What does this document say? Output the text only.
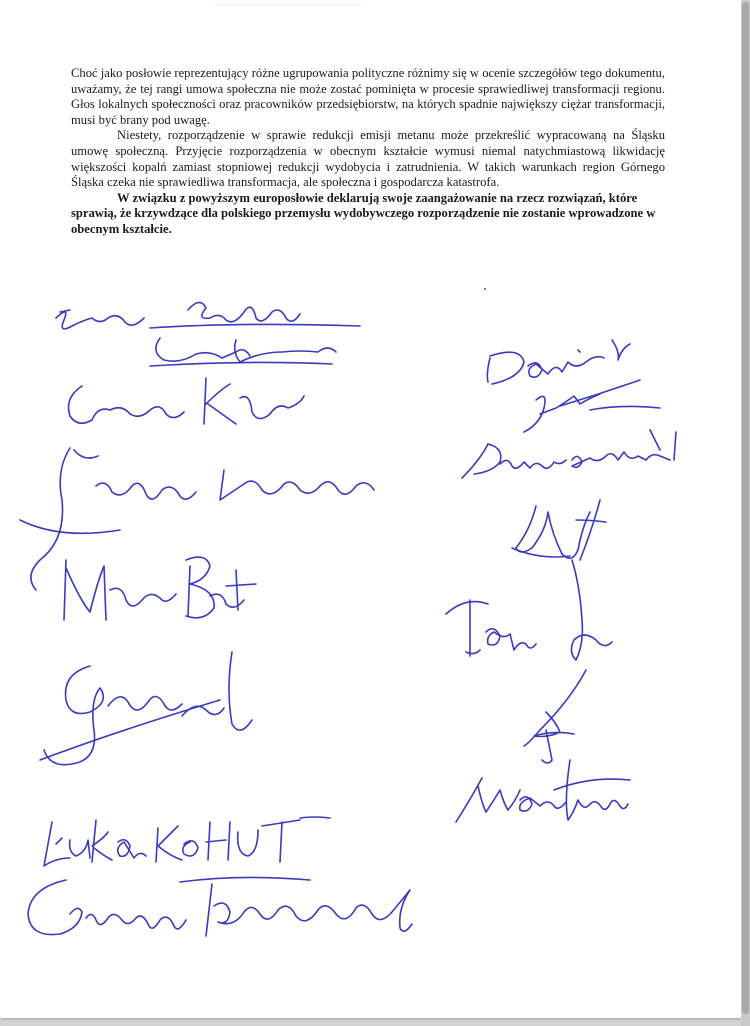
Choć jako posłowie reprezentujący różne ugrupowania polityczne różnimy się w ocenie szczegółów tego dokumentu, uważamy, że tej rangi umowa społeczna nie może zostać pominięta w procesie sprawiedliwej transformacji regionu. Głos lokalnych społeczności oraz pracowników przedsiębiorstw, na których spadnie największy ciężar transformacji, musi być brany pod uwagę.

Niestety, rozporządzenie w sprawie redukcji emisji metanu może przekreślić wypracowaną na Śląsku umowę społeczną. Przyjęcie rozporządzenia w obecnym kształcie wymusi niemal natychmiastową likwidację większości kopalń zamiast stopniowej redukcji wydobycia i zatrudnienia. W takich warunkach region Górnego Śląska czeka nie sprawiedliwa transformacja, ale społeczna i gospodarcza katastrofa.

W związku z powyższym europosłowie deklarują swoje zaangażowanie na rzecz rozwiązań, które sprawią, że krzywdzące dla polskiego przemysłu wydobywczego rozporządzenie nie zostanie wprowadzone w obecnym kształcie.
